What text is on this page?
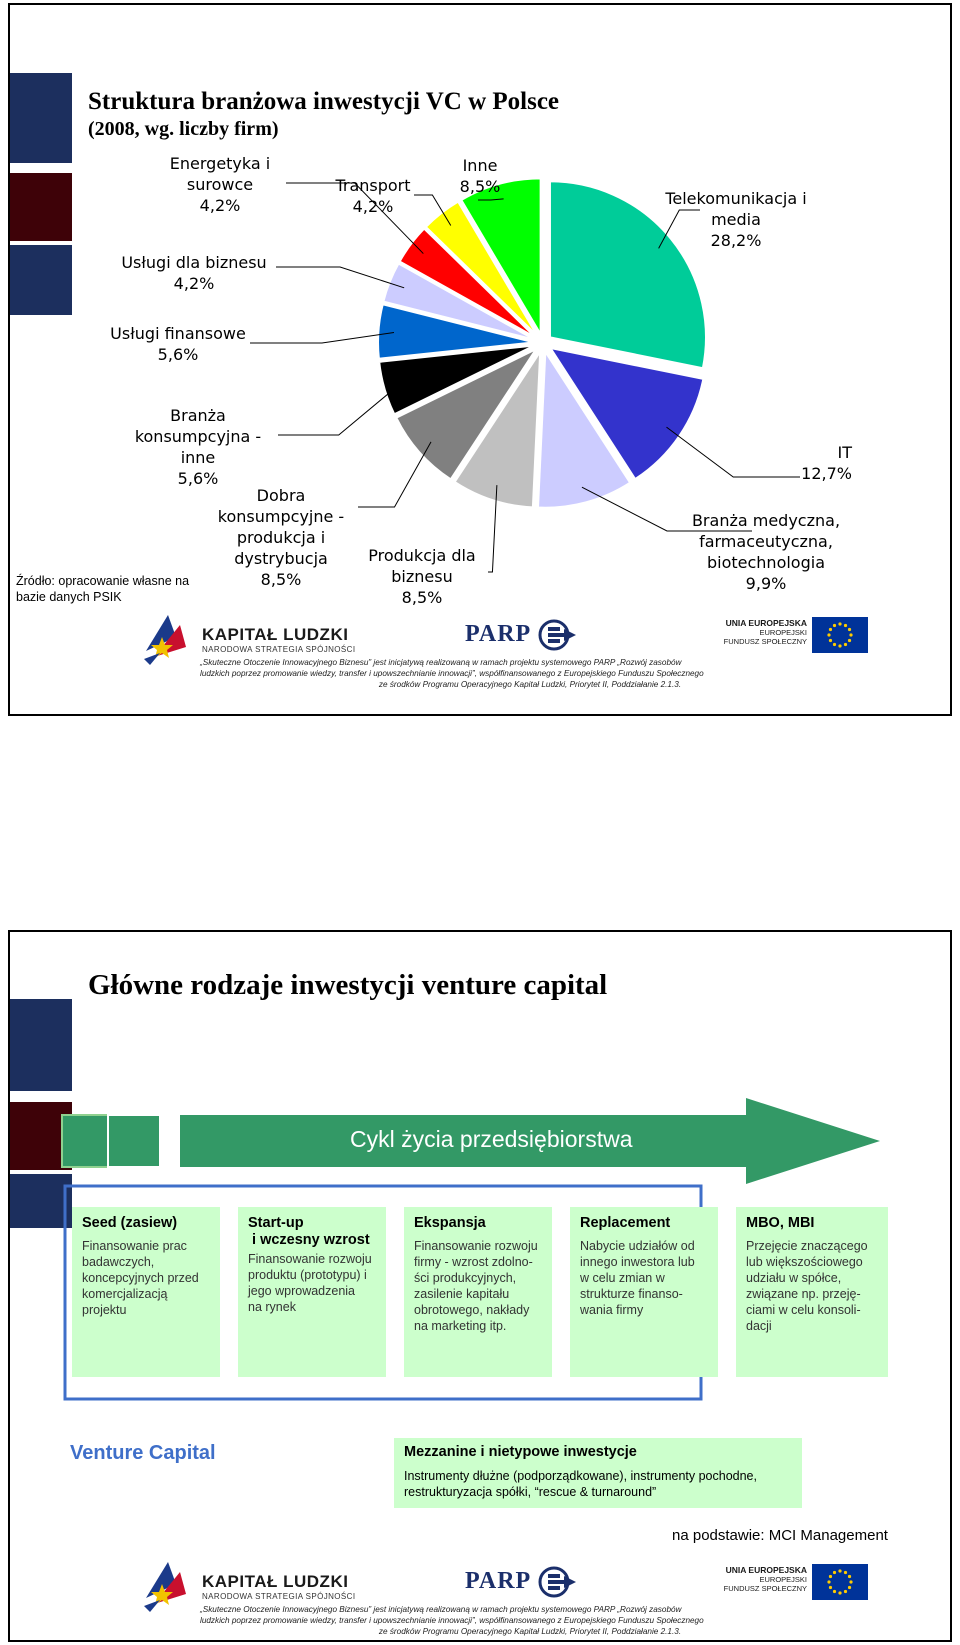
Struktura branżowa inwestycji VC w Polsce
(2008, wg. liczby firm)
Energetyka i
surowce
4,2%
Transport
4,2%
Inne
8,5%
Telekomunikacja i
media
28,2%
Usługi dla biznesu
4,2%
Usługi finansowe
5,6%
Branża
konsumpcyjna -
inne
5,6%
Dobra
konsumpcyjne -
produkcja i
dystrybucja
8,5%
Produkcja dla
biznesu
8,5%
IT
12,7%
Branża medyczna,
farmaceutyczna,
biotechnologia
9,9%
Źródło: opracowanie własne na
bazie danych PSIK
KAPITAŁ LUDZKI
NARODOWA STRATEGIA SPÓJNOŚCI
PARP	UNIA EUROPEJSKA
EUROPEJSKI
FUNDUSZ SPOŁECZNY
„Skuteczne Otoczenie Innowacyjnego Biznesu” jest inicjatywą realizowaną w ramach projektu systemowego PARP „Rozwój zasobów
ludzkich poprzez promowanie wiedzy, transfer i upowszechnianie innowacji”, współfinansowanego z Europejskiego Funduszu Społecznego
ze środków Programu Operacyjnego Kapitał Ludzki, Priorytet II, Poddziałanie 2.1.3.
Główne rodzaje inwestycji venture capital
Cykl życia przedsiębiorstwa
Seed (zasiew)
Finansowanie prac
badawczych,
koncepcyjnych przed
komercjalizacją
projektu
Start-up
i wczesny wzrost
Finansowanie rozwoju
produktu (prototypu) i
jego wprowadzenia
na rynek
Ekspansja
Finansowanie rozwoju
firmy - wzrost zdolno-
ści produkcyjnych,
zasilenie kapitału
obrotowego, nakłady
na marketing itp.
Replacement
Nabycie udziałów od
innego inwestora lub
w celu zmian w
strukturze finanso-
wania firmy
MBO, MBI
Przejęcie znaczącego
lub większościowego
udziału w spółce,
związane np. przeję-
ciami w celu konsoli-
dacji
Venture Capital	Mezzanine i nietypowe inwestycje
Instrumenty dłużne (podporządkowane), instrumenty pochodne,
restrukturyzacja spółki, “rescue & turnaround”
na podstawie: MCI Management
KAPITAŁ LUDZKI
NARODOWA STRATEGIA SPÓJNOŚCI
PARP	UNIA EUROPEJSKA
EUROPEJSKI
FUNDUSZ SPOŁECZNY
„Skuteczne Otoczenie Innowacyjnego Biznesu” jest inicjatywą realizowaną w ramach projektu systemowego PARP „Rozwój zasobów
ludzkich poprzez promowanie wiedzy, transfer i upowszechnianie innowacji”, współfinansowanego z Europejskiego Funduszu Społecznego
ze środków Programu Operacyjnego Kapitał Ludzki, Priorytet II, Poddziałanie 2.1.3.
